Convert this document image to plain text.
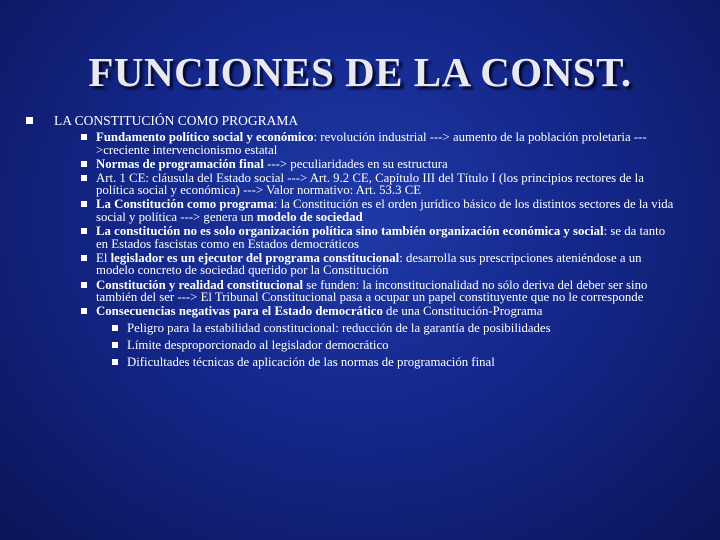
FUNCIONES DE LA CONST.
LA CONSTITUCIÓN COMO PROGRAMA
Fundamento político social y económico: revolución industrial ---> aumento de la población proletaria --->creciente intervencionismo estatal
Normas de programación final ---> peculiaridades en su estructura
Art. 1 CE: cláusula del Estado social ---> Art. 9.2 CE, Capítulo III del Título I (los principios rectores de la política social y económica) ---> Valor normativo: Art. 53.3 CE
La Constitución como programa: la Constitución es el orden jurídico básico de los distintos sectores de la vida social y política ---> genera un modelo de sociedad
La constitución no es solo organización política sino también organización económica y social: se da tanto en Estados fascistas como en Estados democráticos
El legislador es un ejecutor del programa constitucional: desarrolla sus prescripciones ateniéndose a un modelo concreto de sociedad querido por la Constitución
Constitución y realidad constitucional se funden: la inconstitucionalidad no sólo deriva del deber ser sino también del ser ---> El Tribunal Constitucional pasa a ocupar un papel constituyente que no le corresponde
Consecuencias negativas para el Estado democrático de una Constitución-Programa
Peligro para la estabilidad constitucional: reducción de la garantía de posibilidades
Límite desproporcionado al legislador democrático
Dificultades técnicas de aplicación de las normas de programación final
